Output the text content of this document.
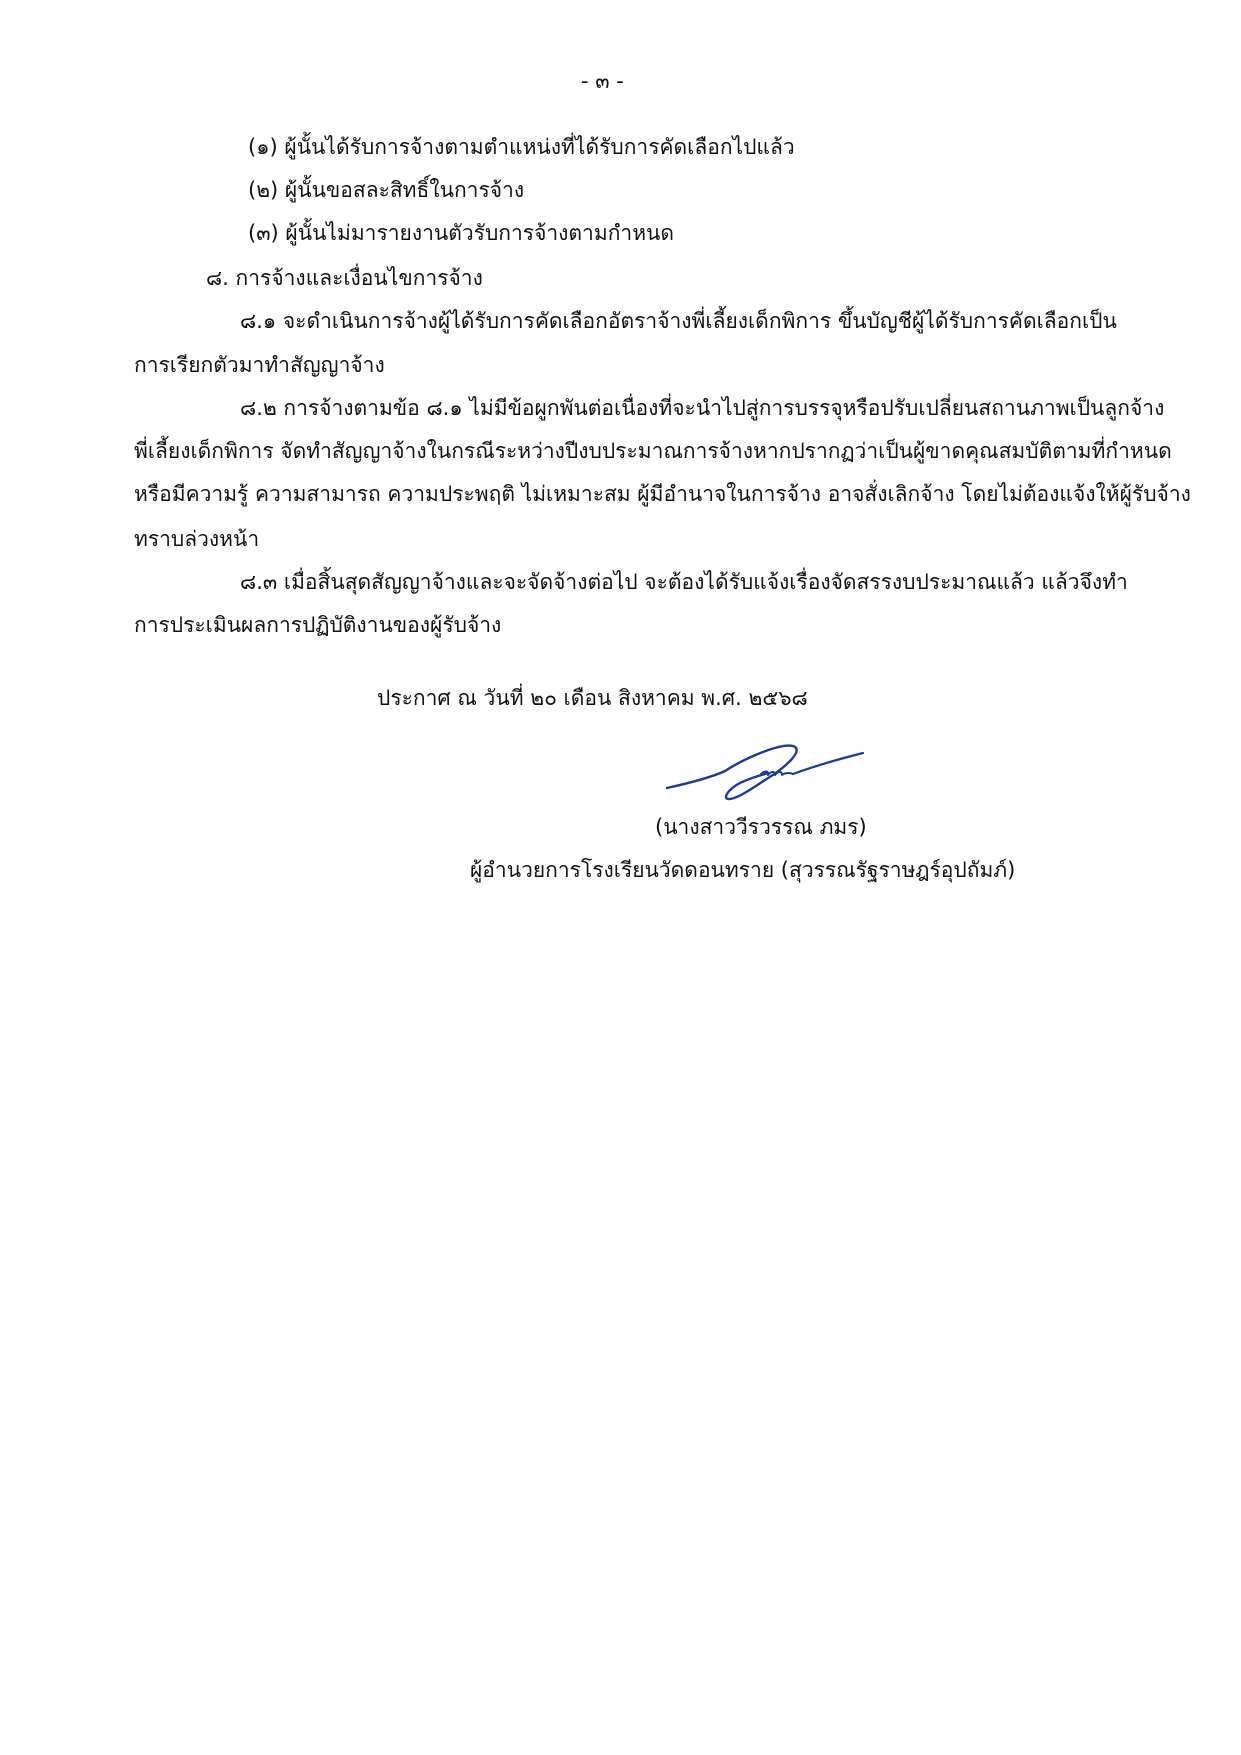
- ๓ -
(๑) ผู้นั้นได้รับการจ้างตามตำแหน่งที่ได้รับการคัดเลือกไปแล้ว
(๒) ผู้นั้นขอสละสิทธิ์ในการจ้าง
(๓) ผู้นั้นไม่มารายงานตัวรับการจ้างตามกำหนด
๘. การจ้างและเงื่อนไขการจ้าง
๘.๑ จะดำเนินการจ้างผู้ได้รับการคัดเลือกอัตราจ้างพี่เลี้ยงเด็กพิการ ขึ้นบัญชีผู้ได้รับการคัดเลือกเป็น
การเรียกตัวมาทำสัญญาจ้าง
๘.๒ การจ้างตามข้อ ๘.๑ ไม่มีข้อผูกพันต่อเนื่องที่จะนำไปสู่การบรรจุหรือปรับเปลี่ยนสถานภาพเป็นลูกจ้าง
พี่เลี้ยงเด็กพิการ จัดทำสัญญาจ้างในกรณีระหว่างปีงบประมาณการจ้างหากปรากฏว่าเป็นผู้ขาดคุณสมบัติตามที่กำหนด
หรือมีความรู้ ความสามารถ ความประพฤติ ไม่เหมาะสม ผู้มีอำนาจในการจ้าง อาจสั่งเลิกจ้าง โดยไม่ต้องแจ้งให้ผู้รับจ้าง
ทราบล่วงหน้า
๘.๓ เมื่อสิ้นสุดสัญญาจ้างและจะจัดจ้างต่อไป จะต้องได้รับแจ้งเรื่องจัดสรรงบประมาณแล้ว แล้วจึงทำ
การประเมินผลการปฏิบัติงานของผู้รับจ้าง
ประกาศ ณ วันที่ ๒๐ เดือน สิงหาคม พ.ศ. ๒๕๖๘
(นางสาววีรวรรณ ภมร)
ผู้อำนวยการโรงเรียนวัดดอนทราย (สุวรรณรัฐราษฎร์อุปถัมภ์)
